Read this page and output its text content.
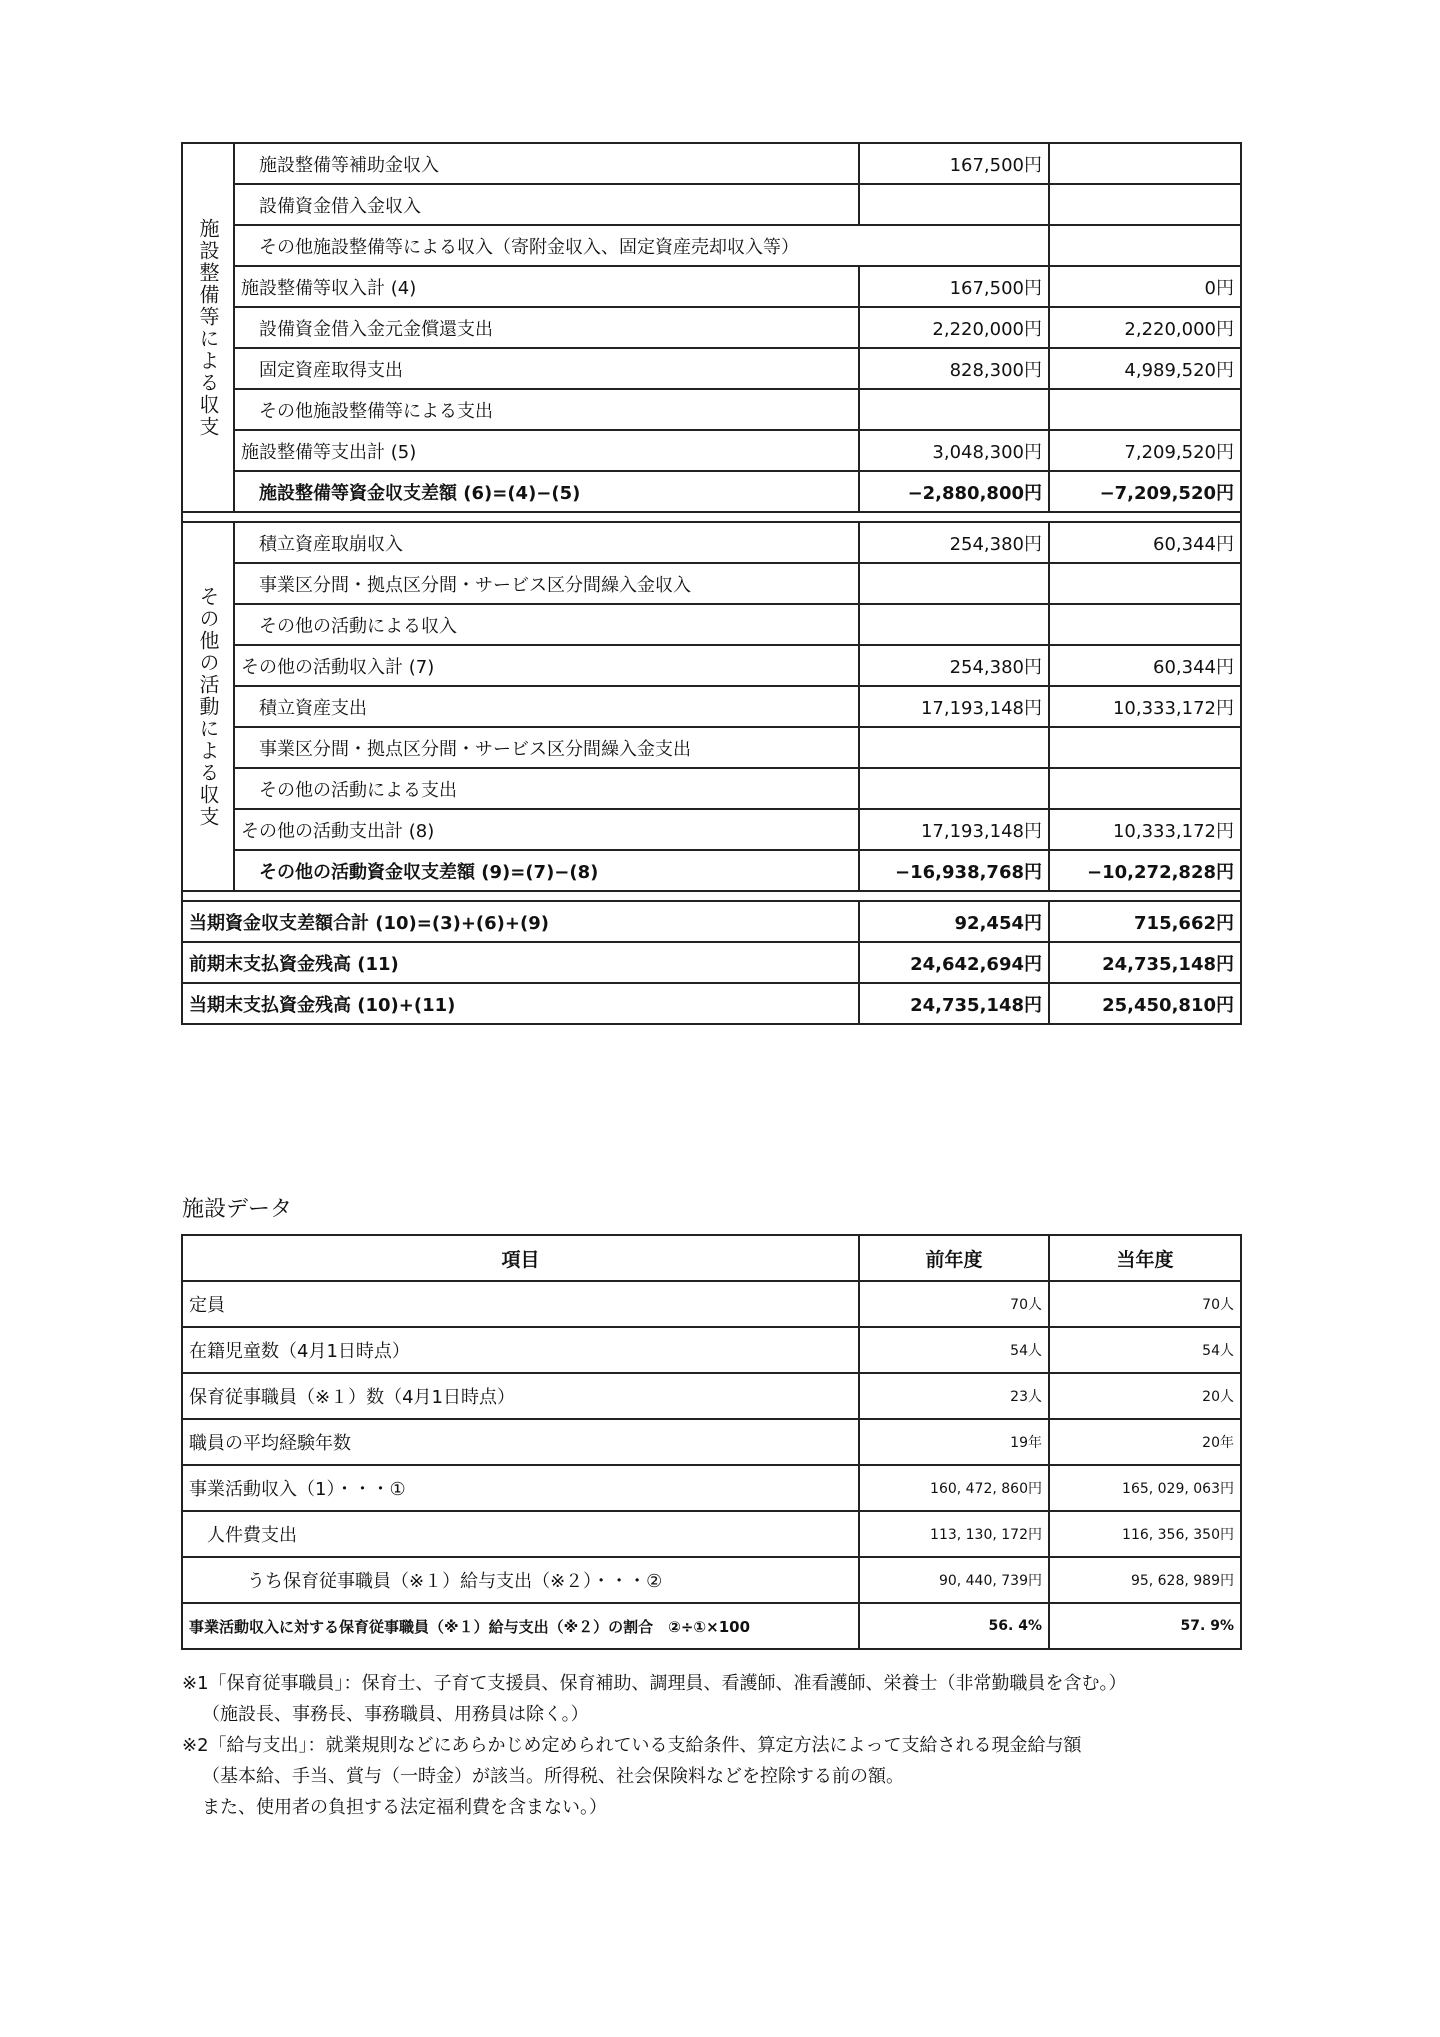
施設整備等による収支	施設整備等補助金収入	167,500円	
	設備資金借入金収入		
	その他施設整備等による収入（寄附金収入、固定資産売却収入等）		
	施設整備等収入計 (4)	167,500円	0円
	設備資金借入金元金償還支出	2,220,000円	2,220,000円
	固定資産取得支出	828,300円	4,989,520円
	その他施設整備等による支出		
	施設整備等支出計 (5)	3,048,300円	7,209,520円
	施設整備等資金収支差額 (6)=(4)−(5)	−2,880,800円	−7,209,520円

その他の活動による収支	積立資産取崩収入	254,380円	60,344円
	事業区分間・拠点区分間・サービス区分間繰入金収入		
	その他の活動による収入		
	その他の活動収入計 (7)	254,380円	60,344円
	積立資産支出	17,193,148円	10,333,172円
	事業区分間・拠点区分間・サービス区分間繰入金支出		
	その他の活動による支出		
	その他の活動支出計 (8)	17,193,148円	10,333,172円
	その他の活動資金収支差額 (9)=(7)−(8)	−16,938,768円	−10,272,828円

当期資金収支差額合計 (10)=(3)+(6)+(9)		92,454円	715,662円
前期末支払資金残高 (11)		24,642,694円	24,735,148円
当期末支払資金残高 (10)+(11)		24,735,148円	25,450,810円
施設データ
項目	前年度	当年度
定員	70人	70人
在籍児童数（4月1日時点）	54人	54人
保育従事職員（※１）数（4月1日時点）	23人	20人
職員の平均経験年数	19年	20年
事業活動収入（1）・・・①	160, 472, 860円	165, 029, 063円
人件費支出	113, 130, 172円	116, 356, 350円
うち保育従事職員（※１）給与支出（※２）・・・②	90, 440, 739円	95, 628, 989円
事業活動収入に対する保育従事職員（※１）給与支出（※２）の割合　②÷①×100	56. 4%	57. 9%
※1「保育従事職員」：保育士、子育て支援員、保育補助、調理員、看護師、准看護師、栄養士（非常勤職員を含む。）
（施設長、事務長、事務職員、用務員は除く。）
※2「給与支出」：就業規則などにあらかじめ定められている支給条件、算定方法によって支給される現金給与額
（基本給、手当、賞与（一時金）が該当。所得税、社会保険料などを控除する前の額。
また、使用者の負担する法定福利費を含まない。）
